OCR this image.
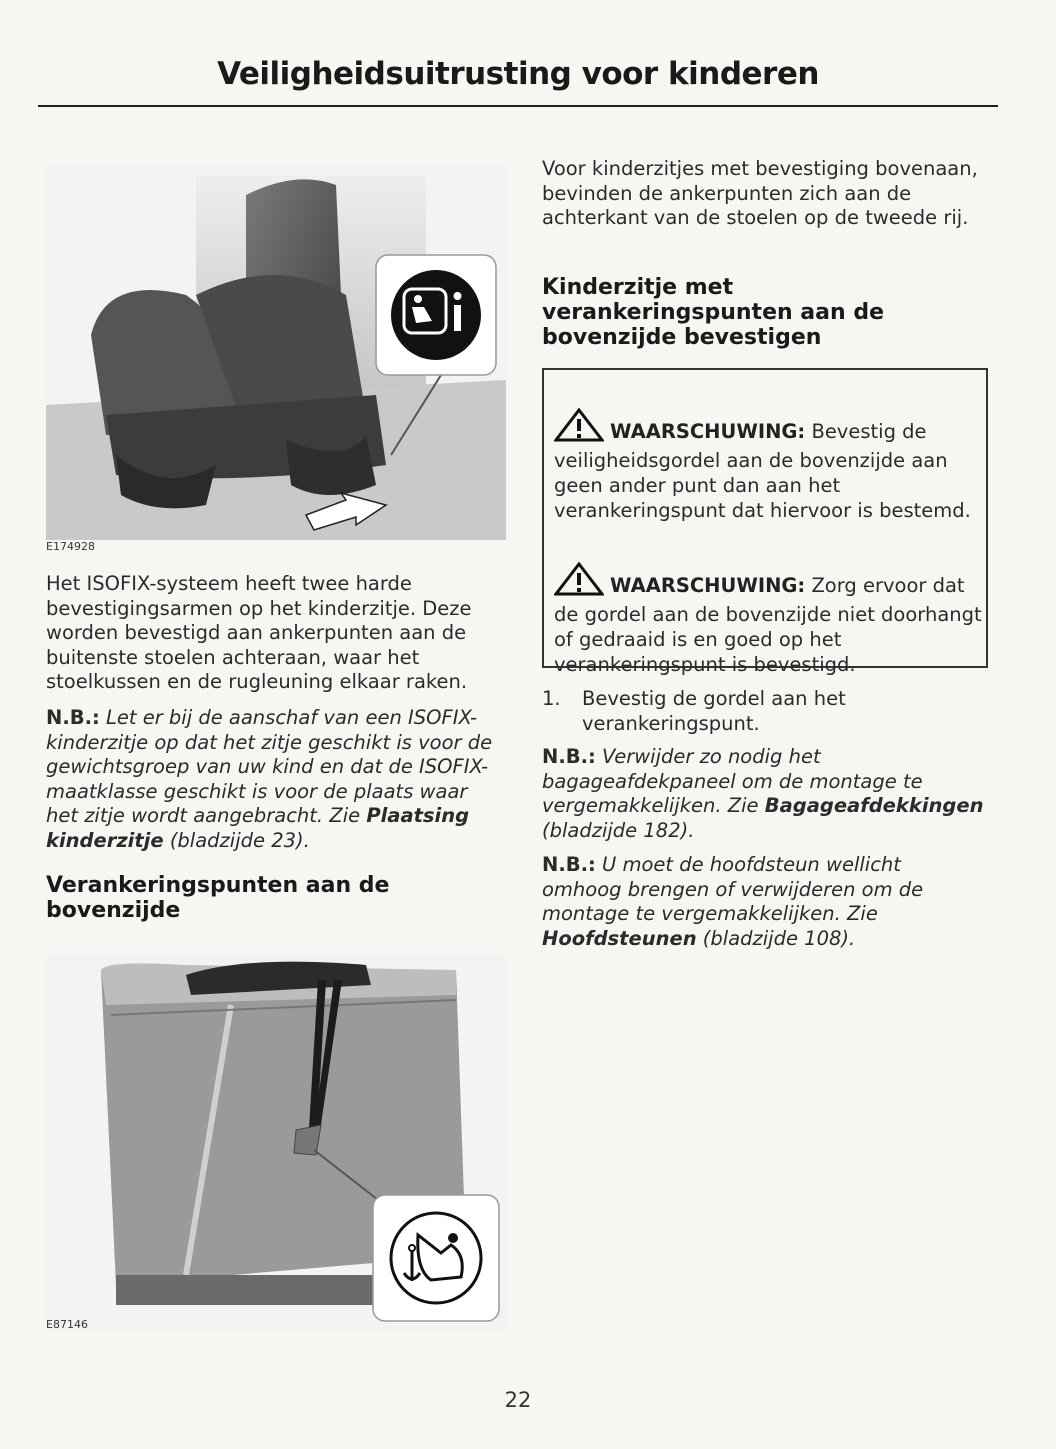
Veiligheidsuitrusting voor kinderen
E174928
Het ISOFIX-systeem heeft twee harde bevestigingsarmen op het kinderzitje. Deze worden bevestigd aan ankerpunten aan de buitenste stoelen achteraan, waar het stoelkussen en de rugleuning elkaar raken.
N.B.: Let er bij de aanschaf van een ISOFIX-kinderzitje op dat het zitje geschikt is voor de gewichtsgroep van uw kind en dat de ISOFIX-maatklasse geschikt is voor de plaats waar het zitje wordt aangebracht. Zie Plaatsing kinderzitje (bladzijde 23).
Verankeringspunten aan de bovenzijde
E87146
Voor kinderzitjes met bevestiging bovenaan, bevinden de ankerpunten zich aan de achterkant van de stoelen op de tweede rij.
Kinderzitje met verankeringspunten aan de bovenzijde bevestigen
WAARSCHUWING: Bevestig de veiligheidsgordel aan de bovenzijde aan geen ander punt dan aan het verankeringspunt dat hiervoor is bestemd.
WAARSCHUWING: Zorg ervoor dat de gordel aan de bovenzijde niet doorhangt of gedraaid is en goed op het verankeringspunt is bevestigd.
1. Bevestig de gordel aan het verankeringspunt.
N.B.: Verwijder zo nodig het bagageafdekpaneel om de montage te vergemakkelijken. Zie Bagageafdekkingen (bladzijde 182).
N.B.: U moet de hoofdsteun wellicht omhoog brengen of verwijderen om de montage te vergemakkelijken. Zie Hoofdsteunen (bladzijde 108).
22
